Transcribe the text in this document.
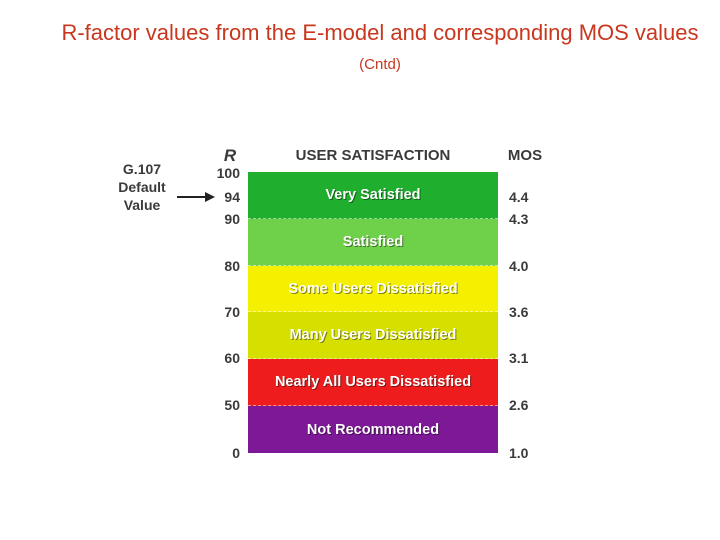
R-factor values from the E-model and corresponding MOS values (Cntd)
R	USER SATISFACTION	MOS
G.107
Default
Value
100
94
90
80
70
60
50
0
Very Satisfied
Satisfied
Some Users Dissatisfied
Many Users Dissatisfied
Nearly All Users Dissatisfied
Not Recommended
4.4
4.3
4.0
3.6
3.1
2.6
1.0
